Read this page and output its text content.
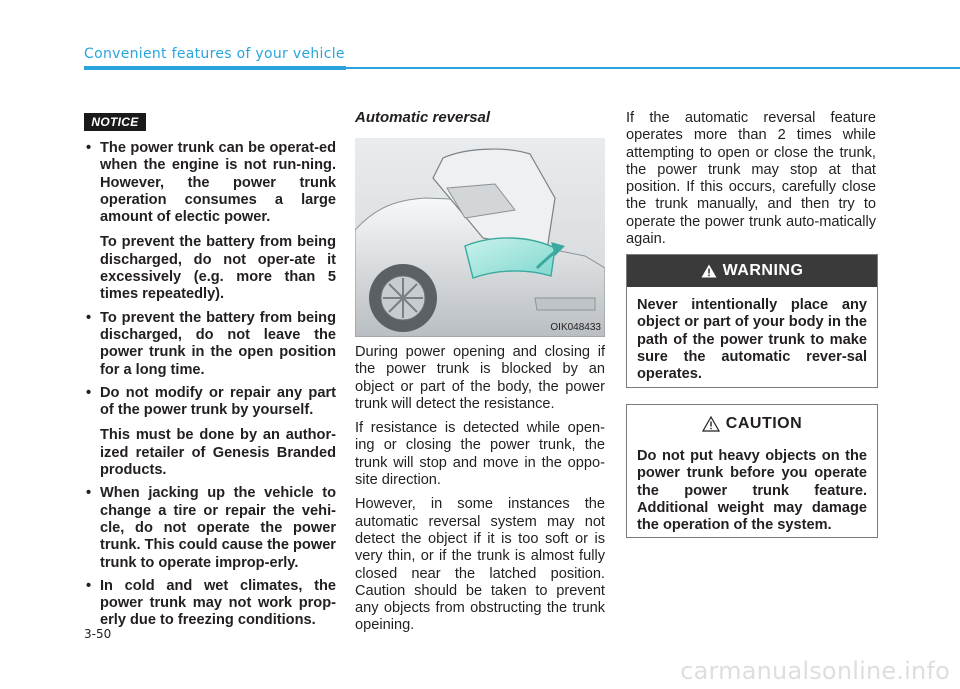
Convenient features of your vehicle
NOTICE
• The power trunk can be operat-ed when the engine is not run-ning. However, the power trunk operation consumes a large amount of electic power.
To prevent the battery from being discharged, do not oper-ate it excessively (e.g. more than 5 times repeatedly).
• To prevent the battery from being discharged, do not leave the power trunk in the open position for a long time.
• Do not modify or repair any part of the power trunk by yourself.
This must be done by an author-ized retailer of Genesis Branded products.
• When jacking up the vehicle to change a tire or repair the vehi-cle, do not operate the power trunk. This could cause the power trunk to operate improp-erly.
• In cold and wet climates, the power trunk may not work prop-erly due to freezing conditions.
Automatic reversal
OIK048433

During power opening and closing if the power trunk is blocked by an object or part of the body, the power trunk will detect the resistance.

If resistance is detected while open-ing or closing the power trunk, the trunk will stop and move in the oppo-site direction.

However, in some instances the automatic reversal system may not detect the object if it is too soft or is very thin, or if the trunk is almost fully closed near the latched position. Caution should be taken to prevent any objects from obstructing the trunk opeining.

If the automatic reversal feature operates more than 2 times while attempting to open or close the trunk, the power trunk may stop at that position. If this occurs, carefully close the trunk manually, and then try to operate the power trunk auto-matically again.

WARNING
Never intentionally place any object or part of your body in the path of the power trunk to make sure the automatic rever-sal operates.
CAUTION
Do not put heavy objects on the power trunk before you operate the power trunk feature. Additional weight may damage the operation of the system.
3-50
carmanualsonline.info
